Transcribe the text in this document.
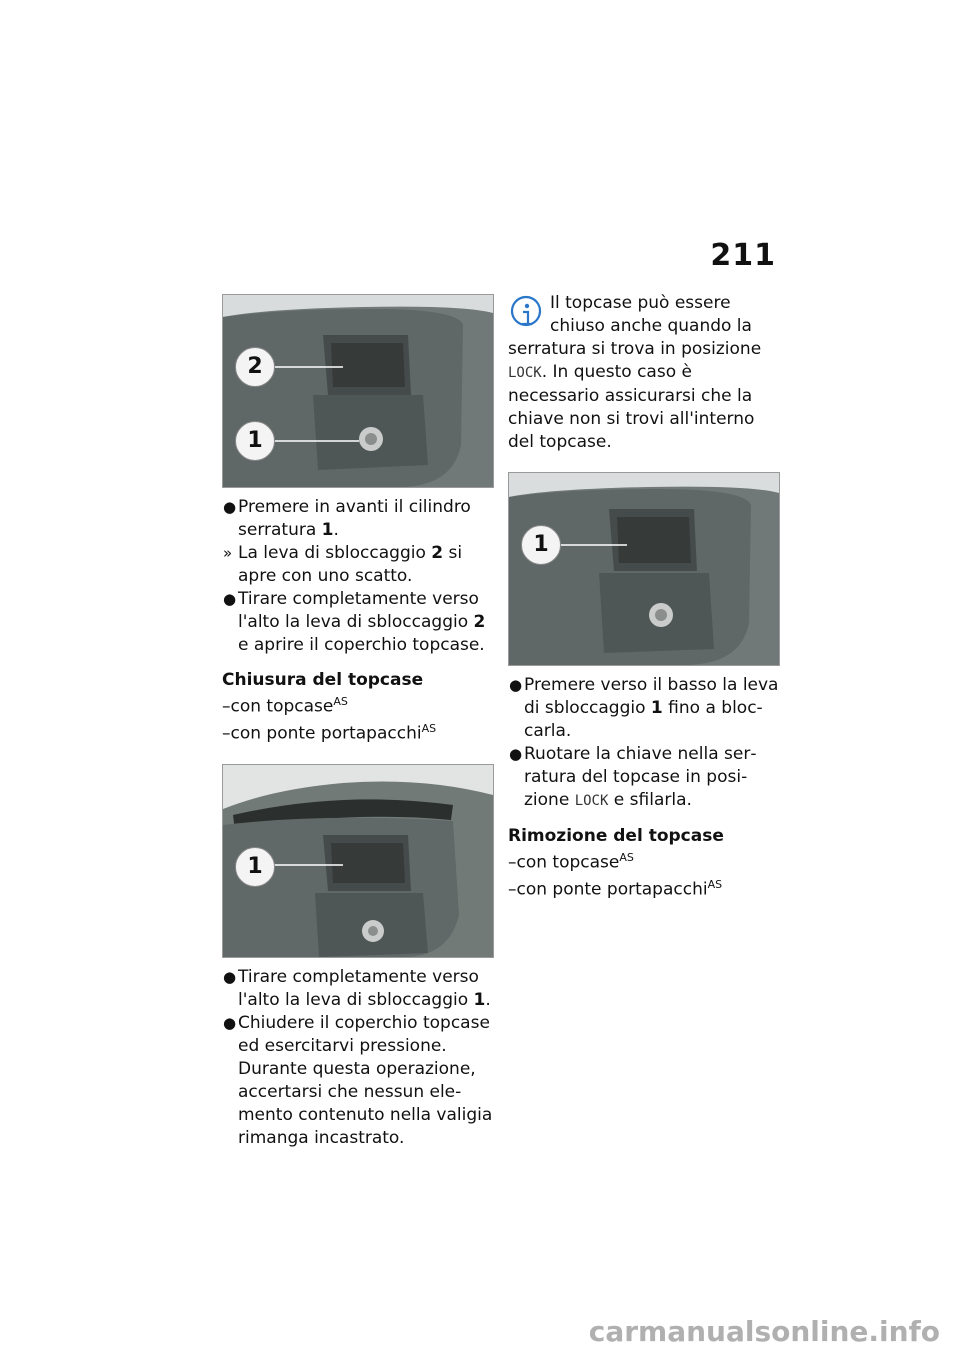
211
2
1
● Premere in avanti il cilindro serratura 1.
» La leva di sbloccaggio 2 si apre con uno scatto.
● Tirare completamente verso l'alto la leva di sbloccaggio 2 e aprire il coperchio topcase.
Chiusura del topcase

–con topcase$^{AS}$

–con ponte portapacchi$^{AS}$

1
● Tirare completamente verso l'alto la leva di sbloccaggio 1.
● Chiudere il coperchio topcase ed esercitarvi pressione. Durante questa operazione, accertarsi che nessun elemento contenuto nella valigia rimanga incastrato.
Il topcase può essere chiuso anche quando la serratura si trova in posizione LOCK. In questo caso è necessario assicurarsi che la chiave non si trovi all'interno del topcase.
1
● Premere verso il basso la leva di sbloccaggio 1 fino a bloccarla.
● Ruotare la chiave nella serratura del topcase in posizione LOCK e sfilarla.
Rimozione del topcase

–con topcase$^{AS}$

–con ponte portapacchi$^{AS}$

carmanualsonline.info
